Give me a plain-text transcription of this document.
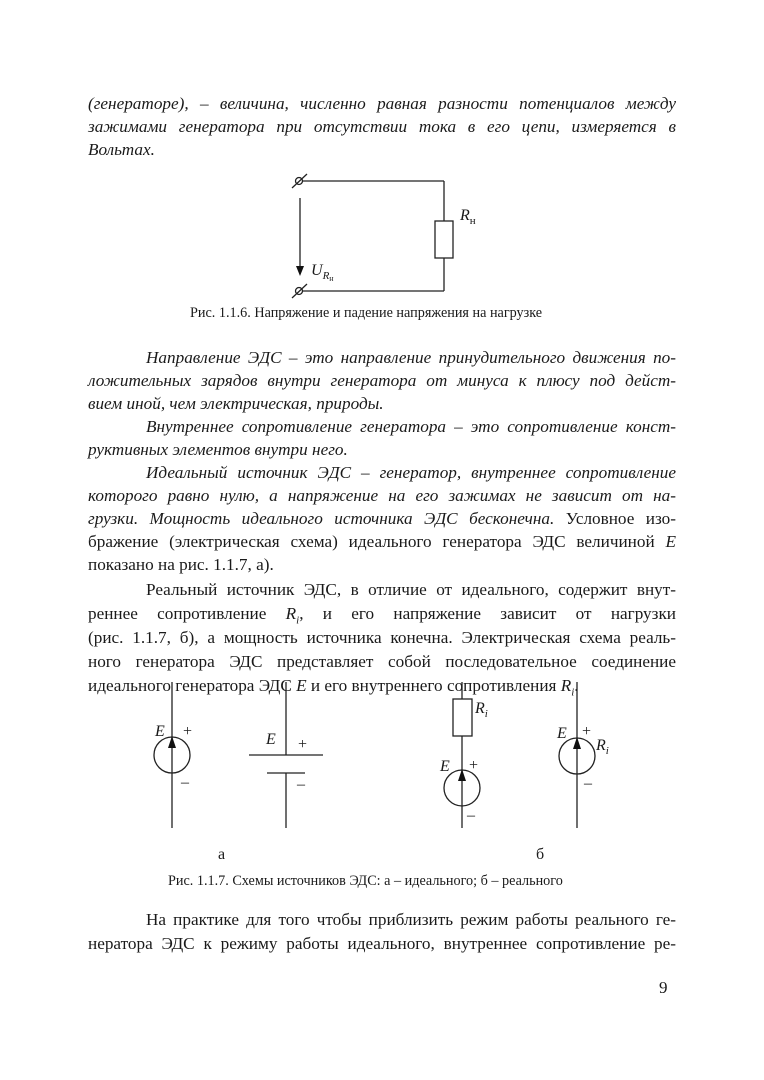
(генераторе), – величина, численно равная разности потенциалов между
зажимами генератора при отсутствии тока в его цепи, измеряется в
Вольтах.
$R_н$
$U_Rн$
Рис. 1.1.6. Напряжение и падение напряжения на нагрузке
Направление ЭДС – это направление принудительного движения по-
ложительных зарядов внутри генератора от минуса к плюсу под дейст-
вием иной, чем электрическая, природы.
Внутреннее сопротивление генератора – это сопротивление конст-
руктивных элементов внутри него.
Идеальный источник ЭДС – генератор, внутреннее сопротивление
которого равно нулю, а напряжение на его зажимах не зависит от на-
грузки. Мощность идеального источника ЭДС бесконечна. Условное изо-
бражение (электрическая схема) идеального генератора ЭДС величиной E
показано на рис. 1.1.7, а).
Реальный источник ЭДС, в отличие от идеального, содержит внут-
реннее сопротивление $R_i$, и его напряжение зависит от нагрузки
(рис. 1.1.7, б), а мощность источника конечна. Электрическая схема реаль-
ного генератора ЭДС представляет собой последовательное соединение
идеального генератора ЭДС E и его внутреннего сопротивления $R_i$.
E +
–
E +
–
$R_i$
E +
–
E +
$R_i$
–
а	б
Рис. 1.1.7. Схемы источников ЭДС: а – идеального; б – реального
На практике для того чтобы приблизить режим работы реального ге-
нератора ЭДС к режиму работы идеального, внутреннее сопротивление ре-
9
